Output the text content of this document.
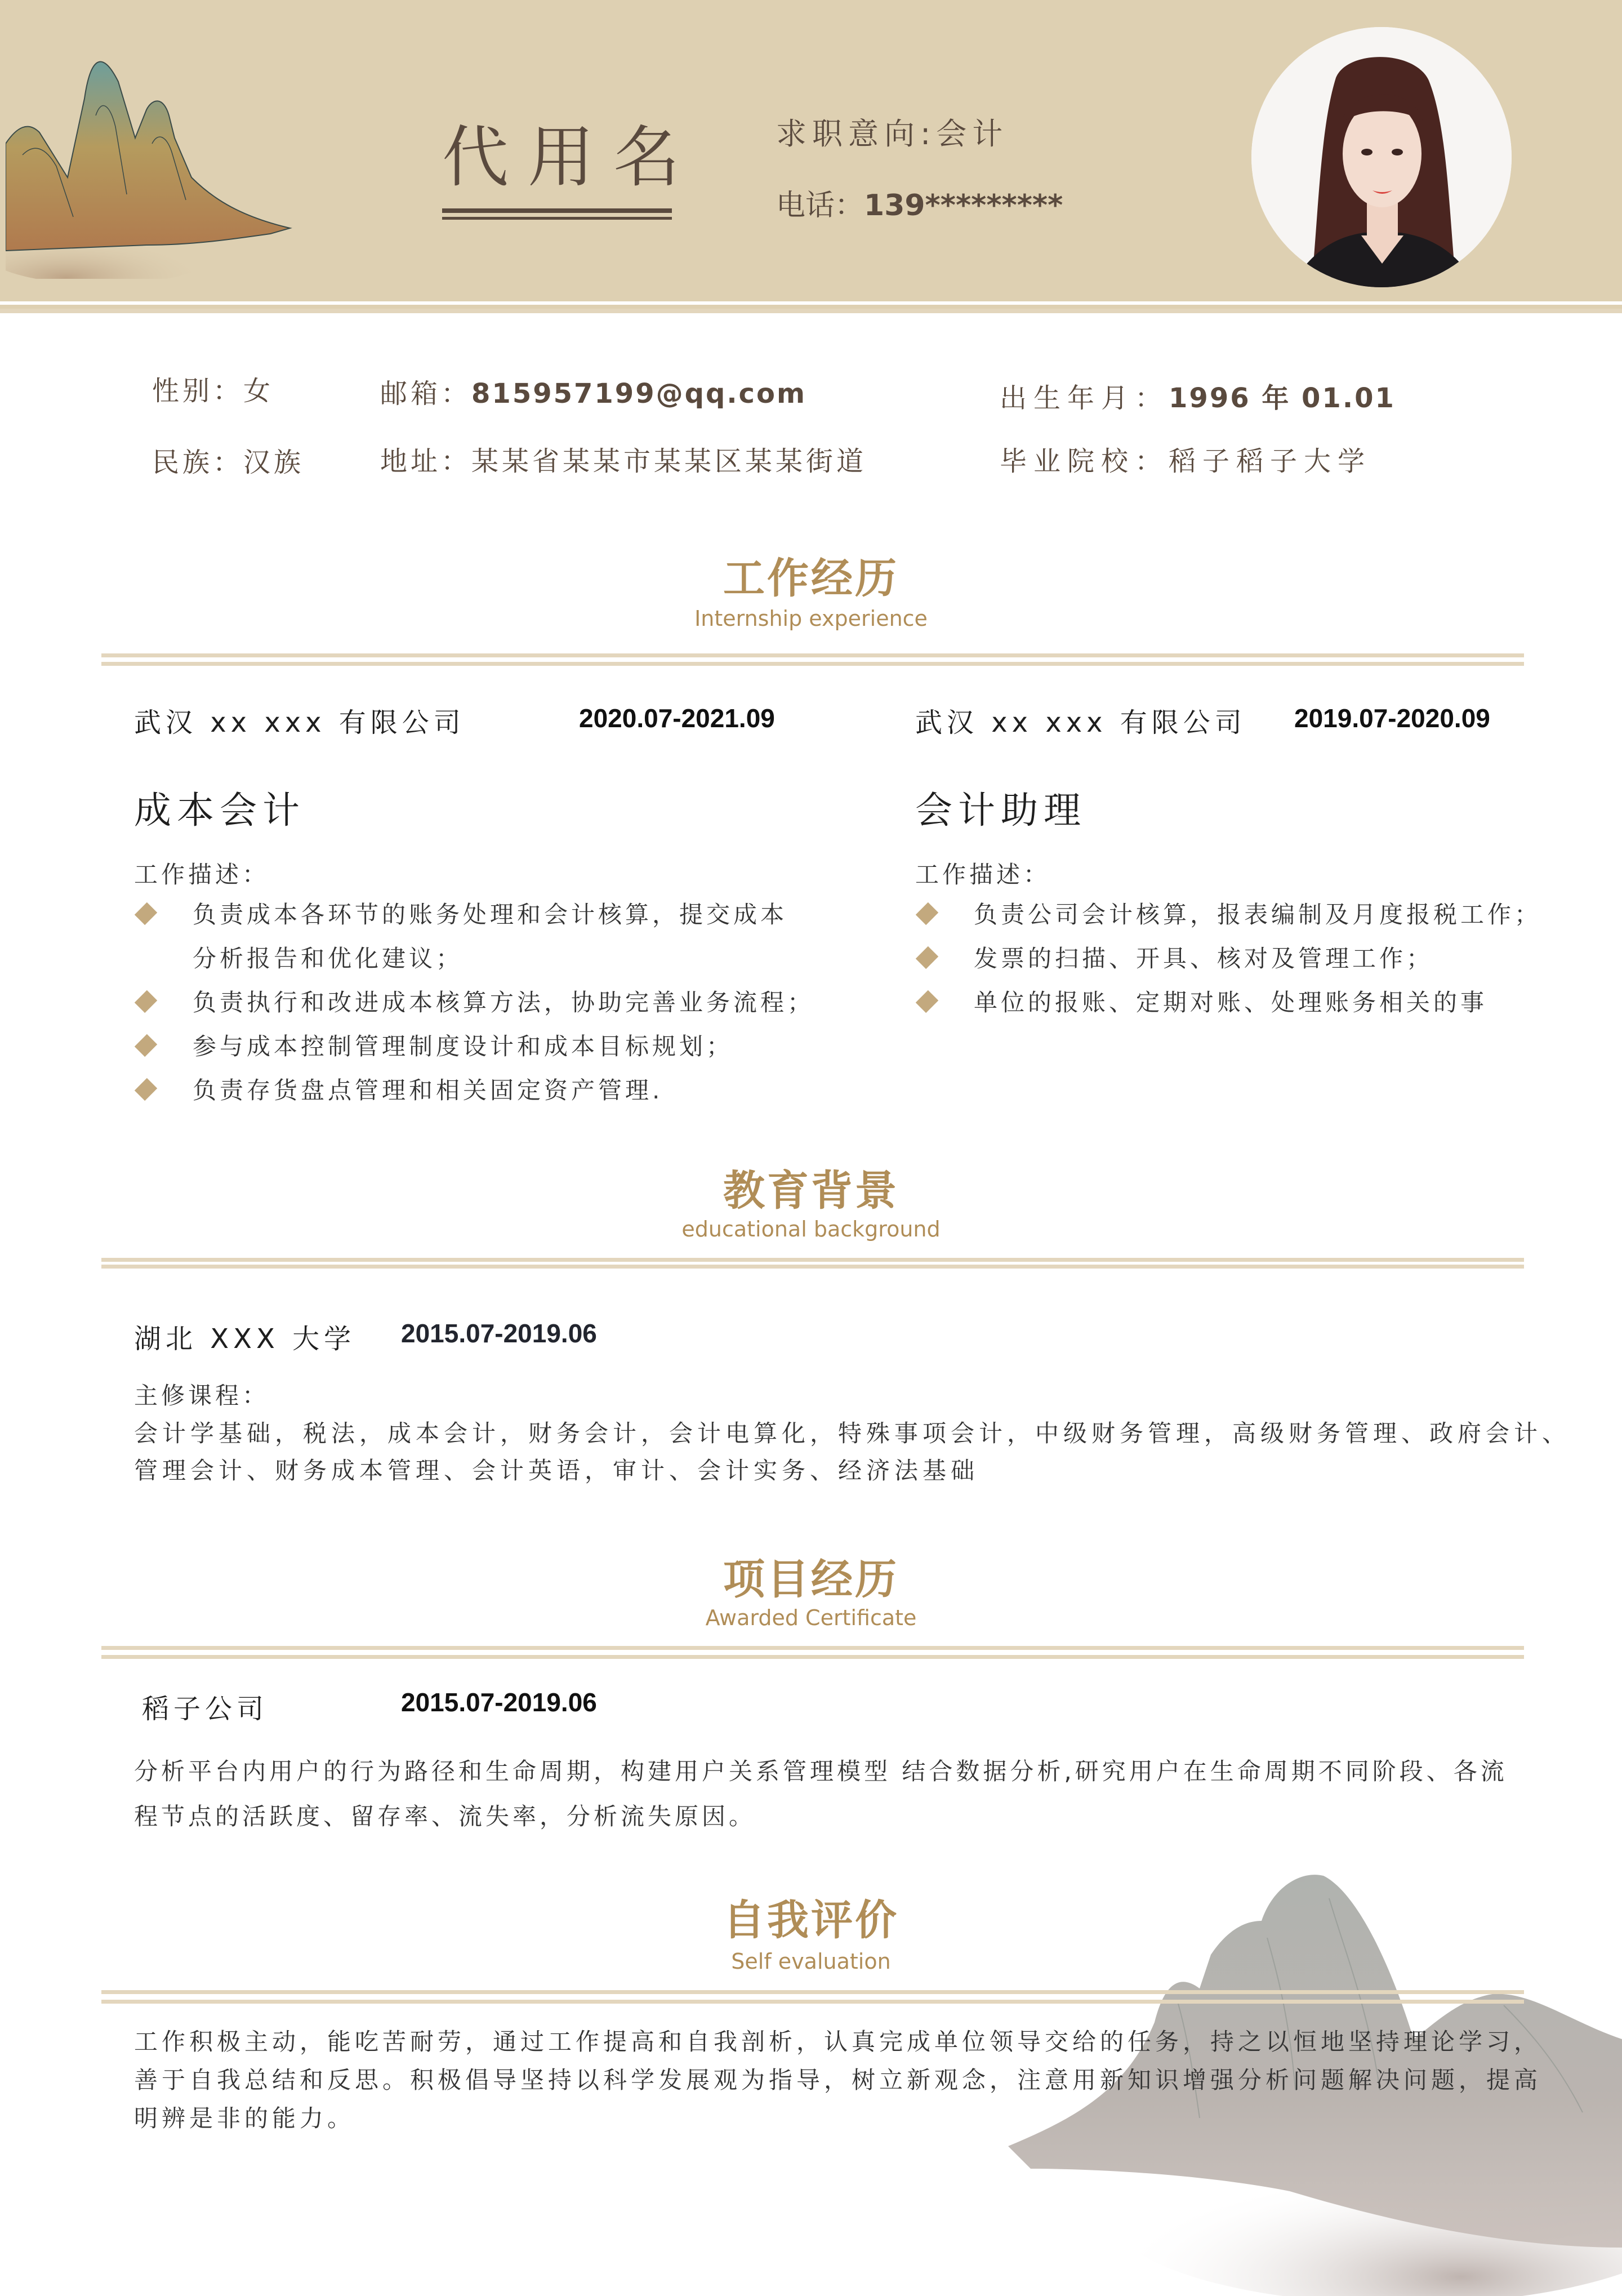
代用名	求职意向:会计
电话：139*********
性别：女	邮箱：815957199@qq.com	出生年月：1996 年 01.01
民族：汉族	地址：某某省某某市某某区某某街道	毕业院校：稻子稻子大学
工作经历
Internship experience
武汉 xx xxx 有限公司	2020.07-2021.09
成本会计
工作描述：
负责成本各环节的账务处理和会计核算，提交成本
分析报告和优化建议；
负责执行和改进成本核算方法，协助完善业务流程；
参与成本控制管理制度设计和成本目标规划；
负责存货盘点管理和相关固定资产管理.
武汉 xx xxx 有限公司 2019.07-2020.09
会计助理
工作描述：
负责公司会计核算，报表编制及月度报税工作；
发票的扫描、开具、核对及管理工作；
单位的报账、定期对账、处理账务相关的事
教育背景
educational background
湖北 XXX 大学 2015.07-2019.06
主修课程：
会计学基础，税法，成本会计，财务会计，会计电算化，特殊事项会计，中级财务管理，高级财务管理、政府会计、
管理会计、财务成本管理、会计英语，审计、会计实务、经济法基础
项目经历
Awarded Certificate
稻子公司	2015.07-2019.06
分析平台内用户的行为路径和生命周期，构建用户关系管理模型 结合数据分析,研究用户在生命周期不同阶段、各流
程节点的活跃度、留存率、流失率，分析流失原因。
自我评价
Self evaluation
工作积极主动，能吃苦耐劳，通过工作提高和自我剖析，认真完成单位领导交给的任务，持之以恒地坚持理论学习，
善于自我总结和反思。积极倡导坚持以科学发展观为指导，树立新观念，注意用新知识增强分析问题解决问题，提高
明辨是非的能力。
